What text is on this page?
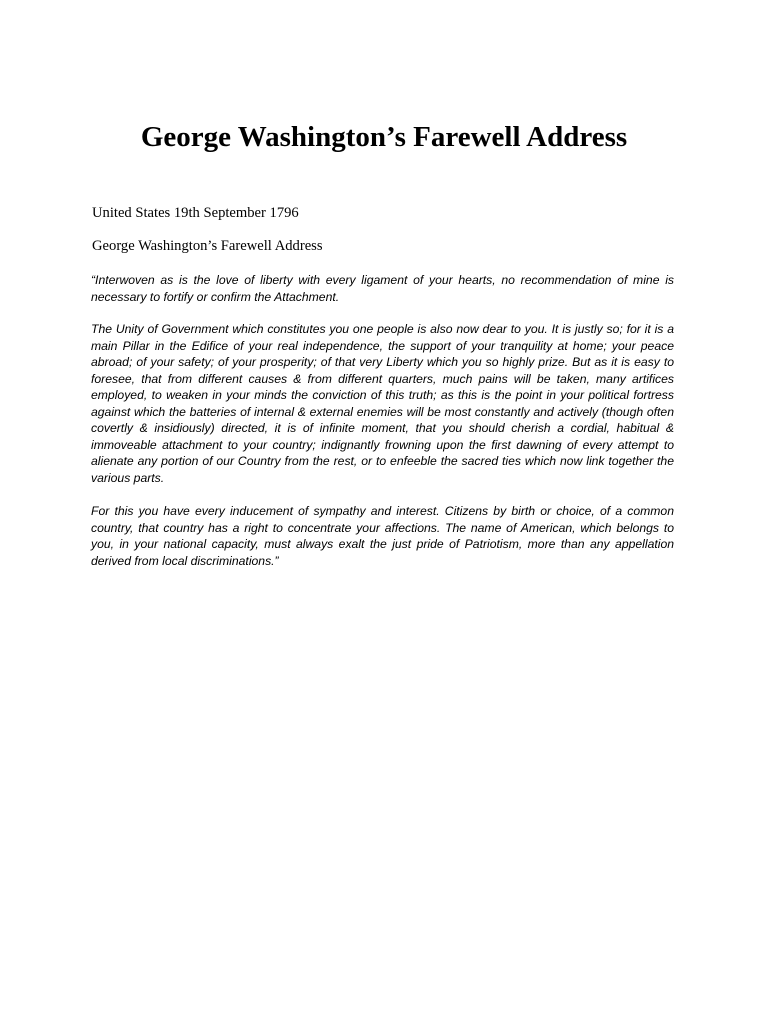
George Washington’s Farewell Address

United States 19th September 1796

George Washington’s Farewell Address

“Interwoven as is the love of liberty with every ligament of your hearts, no recommendation of mine is necessary to fortify or confirm the Attachment.

The Unity of Government which constitutes you one people is also now dear to you. It is justly so; for it is a main Pillar in the Edifice of your real independence, the support of your tranquility at home; your peace abroad; of your safety; of your prosperity; of that very Liberty which you so highly prize. But as it is easy to foresee, that from different causes & from different quarters, much pains will be taken, many artifices employed, to weaken in your minds the conviction of this truth; as this is the point in your political fortress against which the batteries of internal & external enemies will be most constantly and actively (though often covertly & insidiously) directed, it is of infinite moment, that you should cherish a cordial, habitual & immoveable attachment to your country; indignantly frowning upon the first dawning of every attempt to alienate any portion of our Country from the rest, or to enfeeble the sacred ties which now link together the various parts.

For this you have every inducement of sympathy and interest. Citizens by birth or choice, of a common country, that country has a right to concentrate your affections. The name of American, which belongs to you, in your national capacity, must always exalt the just pride of Patriotism, more than any appellation derived from local discriminations.”
